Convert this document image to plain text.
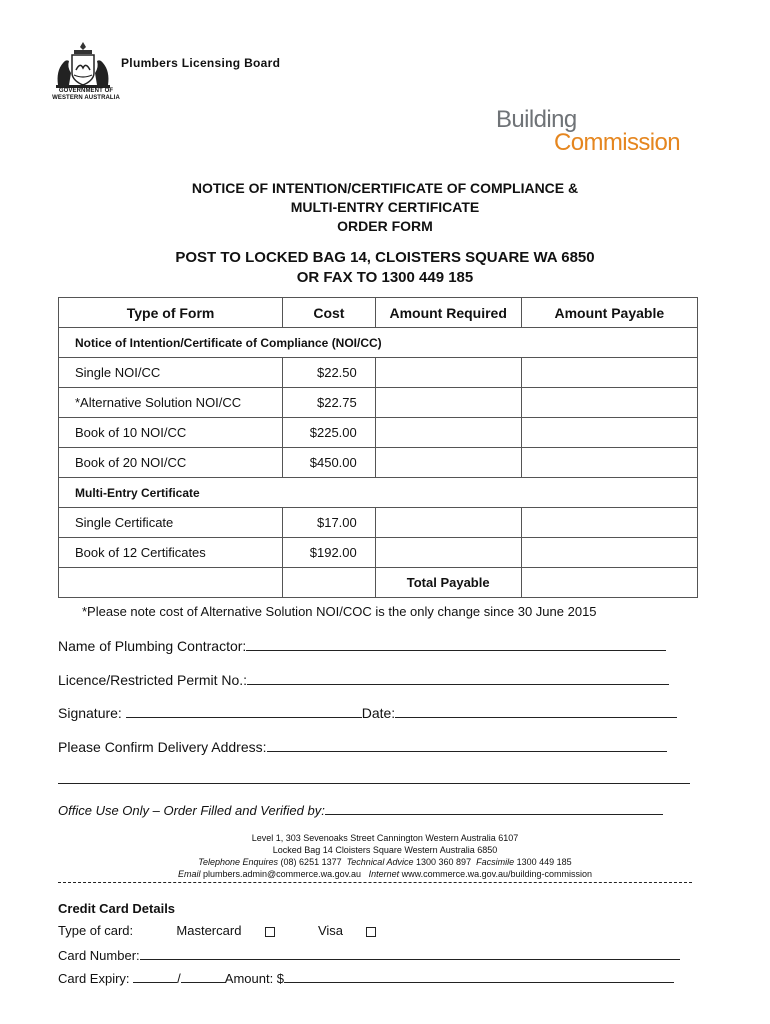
GOVERNMENT OF
WESTERN AUSTRALIA
Plumbers Licensing Board
Building
Commission
NOTICE OF INTENTION/CERTIFICATE OF COMPLIANCE &
MULTI-ENTRY CERTIFICATE
ORDER FORM
POST TO LOCKED BAG 14, CLOISTERS SQUARE WA 6850
OR FAX TO 1300 449 185
Type of Form	Cost	Amount Required	Amount Payable
Notice of Intention/Certificate of Compliance (NOI/CC)			
Single NOI/CC	$22.50		
*Alternative Solution NOI/CC	$22.75		
Book of 10 NOI/CC	$225.00		
Book of 20 NOI/CC	$450.00		
Multi-Entry Certificate			
Single Certificate	$17.00		
Book of 12 Certificates	$192.00		
		Total Payable	
*Please note cost of Alternative Solution NOI/COC is the only change since 30 June 2015
Name of Plumbing Contractor:
Licence/Restricted Permit No.:
Signature:	Date:
Please Confirm Delivery Address:
Office Use Only – Order Filled and Verified by:
Level 1, 303 Sevenoaks Street Cannington Western Australia 6107
Locked Bag 14 Cloisters Square Western Australia 6850
Telephone Enquires (08) 6251 1377 Technical Advice 1300 360 897 Facsimile 1300 449 185
Email plumbers.admin@commerce.wa.gov.au Internet www.commerce.wa.gov.au/building-commission
Credit Card Details
Type of card:	Mastercard	Visa
Card Number:
Card Expiry:	/	Amount: $
